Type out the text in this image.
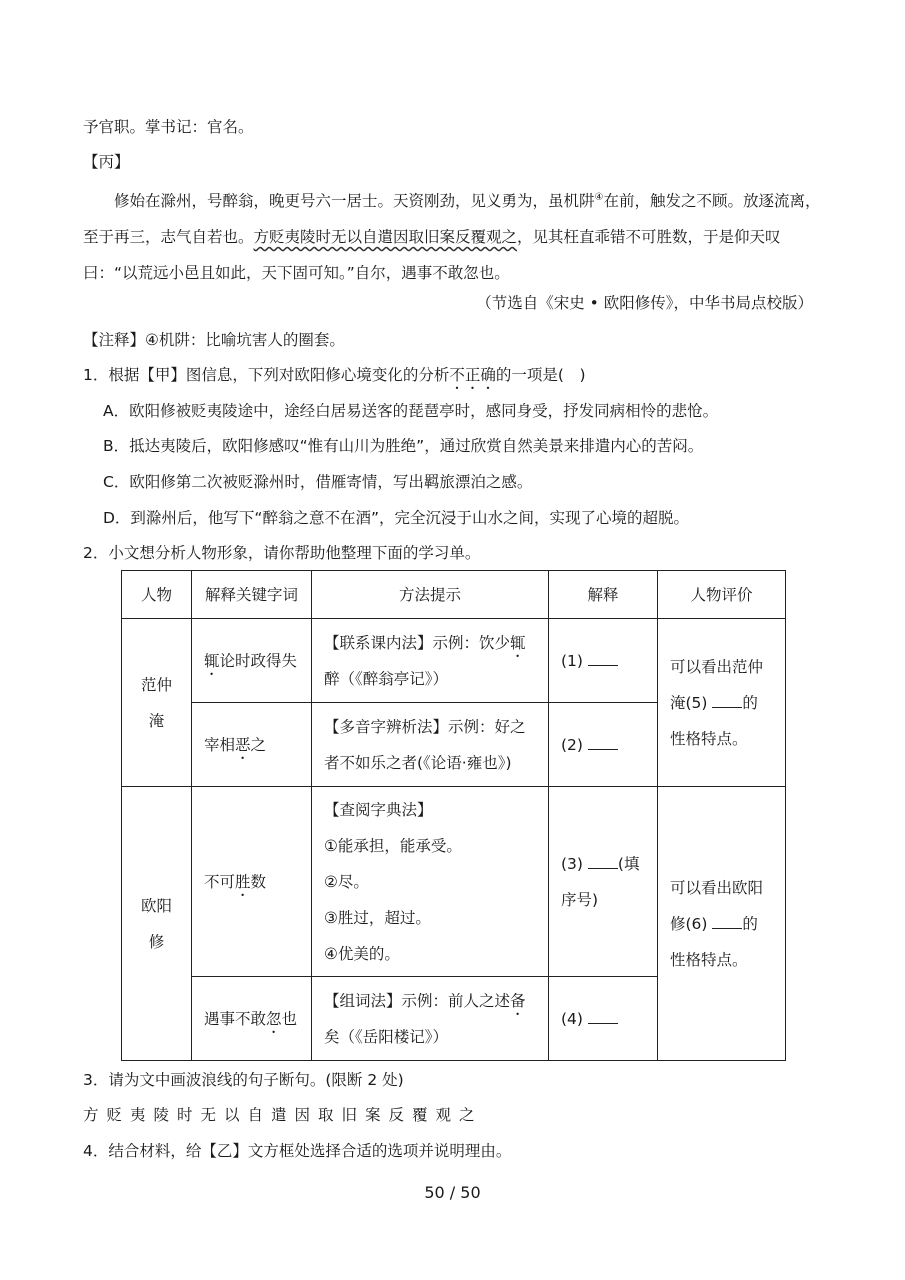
予官职。掌书记：官名。
【丙】

修始在滁州，号醉翁，晚更号六一居士。天资刚劲，见义勇为，虽机阱④在前，触发之不顾。放逐流离，至于再三，志气自若也。方贬夷陵时无以自遣因取旧案反覆观之，见其枉直乖错不可胜数，于是仰天叹曰：“以荒远小邑且如此，天下固可知。”自尔，遇事不敢忽也。

（节选自《宋史 • 欧阳修传》，中华书局点校版）
【注释】④机阱：比喻坑害人的圈套。
1．根据【甲】图信息，下列对欧阳修心境变化的分析不正确的一项是(　)
A．欧阳修被贬夷陵途中，途经白居易送客的琵琶亭时，感同身受，抒发同病相怜的悲怆。
B．抵达夷陵后，欧阳修感叹“惟有山川为胜绝”，通过欣赏自然美景来排遣内心的苦闷。
C．欧阳修第二次被贬滁州时，借雁寄情，写出羁旅漂泊之感。
D．到滁州后，他写下“醉翁之意不在酒”，完全沉浸于山水之间，实现了心境的超脱。
2．小文想分析人物形象，请你帮助他整理下面的学习单。
人物	解释关键字词	方法提示	解释	人物评价
范仲淹	辄论时政得失	【联系课内法】示例：饮少辄醉（《醉翁亭记》）	(1)	可以看出范仲淹(5) 的性格特点。
	宰相恶之	【多音字辨析法】示例：好之者不如乐之者(《论语·雍也》)	(2)	
欧阳修	不可胜数	【查阅字典法】
①能承担，能承受。
②尽。
③胜过，超过。
④优美的。	(3) (填序号)	可以看出欧阳修(6) 的性格特点。
	遇事不敢忽也	【组词法】示例：前人之述备矣（《岳阳楼记》）	(4)	
3．请为文中画波浪线的句子断句。(限断 2 处)
方贬夷陵时无以自遣因取旧案反覆观之
4．结合材料，给【乙】文方框处选择合适的选项并说明理由。
50 / 50
